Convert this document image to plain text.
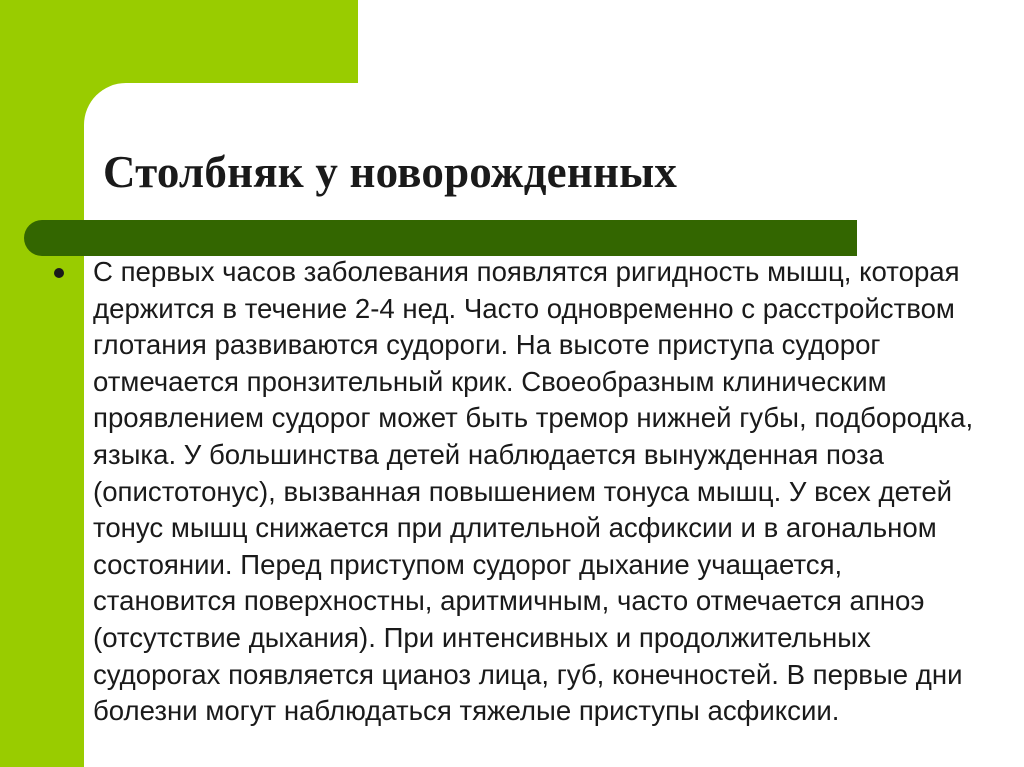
Столбняк у новорожденных

С первых часов заболевания появлятся ригидность мышц, которая
держится в течение 2-4 нед. Часто одновременно с расстройством
глотания развиваются судороги. На высоте приступа судорог
отмечается пронзительный крик. Своеобразным клиническим
проявлением судорог может быть тремор нижней губы, подбородка,
языка. У большинства детей наблюдается вынужденная поза
(опистотонус), вызванная повышением тонуса мышц. У всех детей
тонус мышц снижается при длительной асфиксии и в агональном
состоянии. Перед приступом судорог дыхание учащается,
становится поверхностны, аритмичным, часто отмечается апноэ
(отсутствие дыхания). При интенсивных и продолжительных
судорогах появляется цианоз лица, губ, конечностей. В первые дни
болезни могут наблюдаться тяжелые приступы асфиксии.
